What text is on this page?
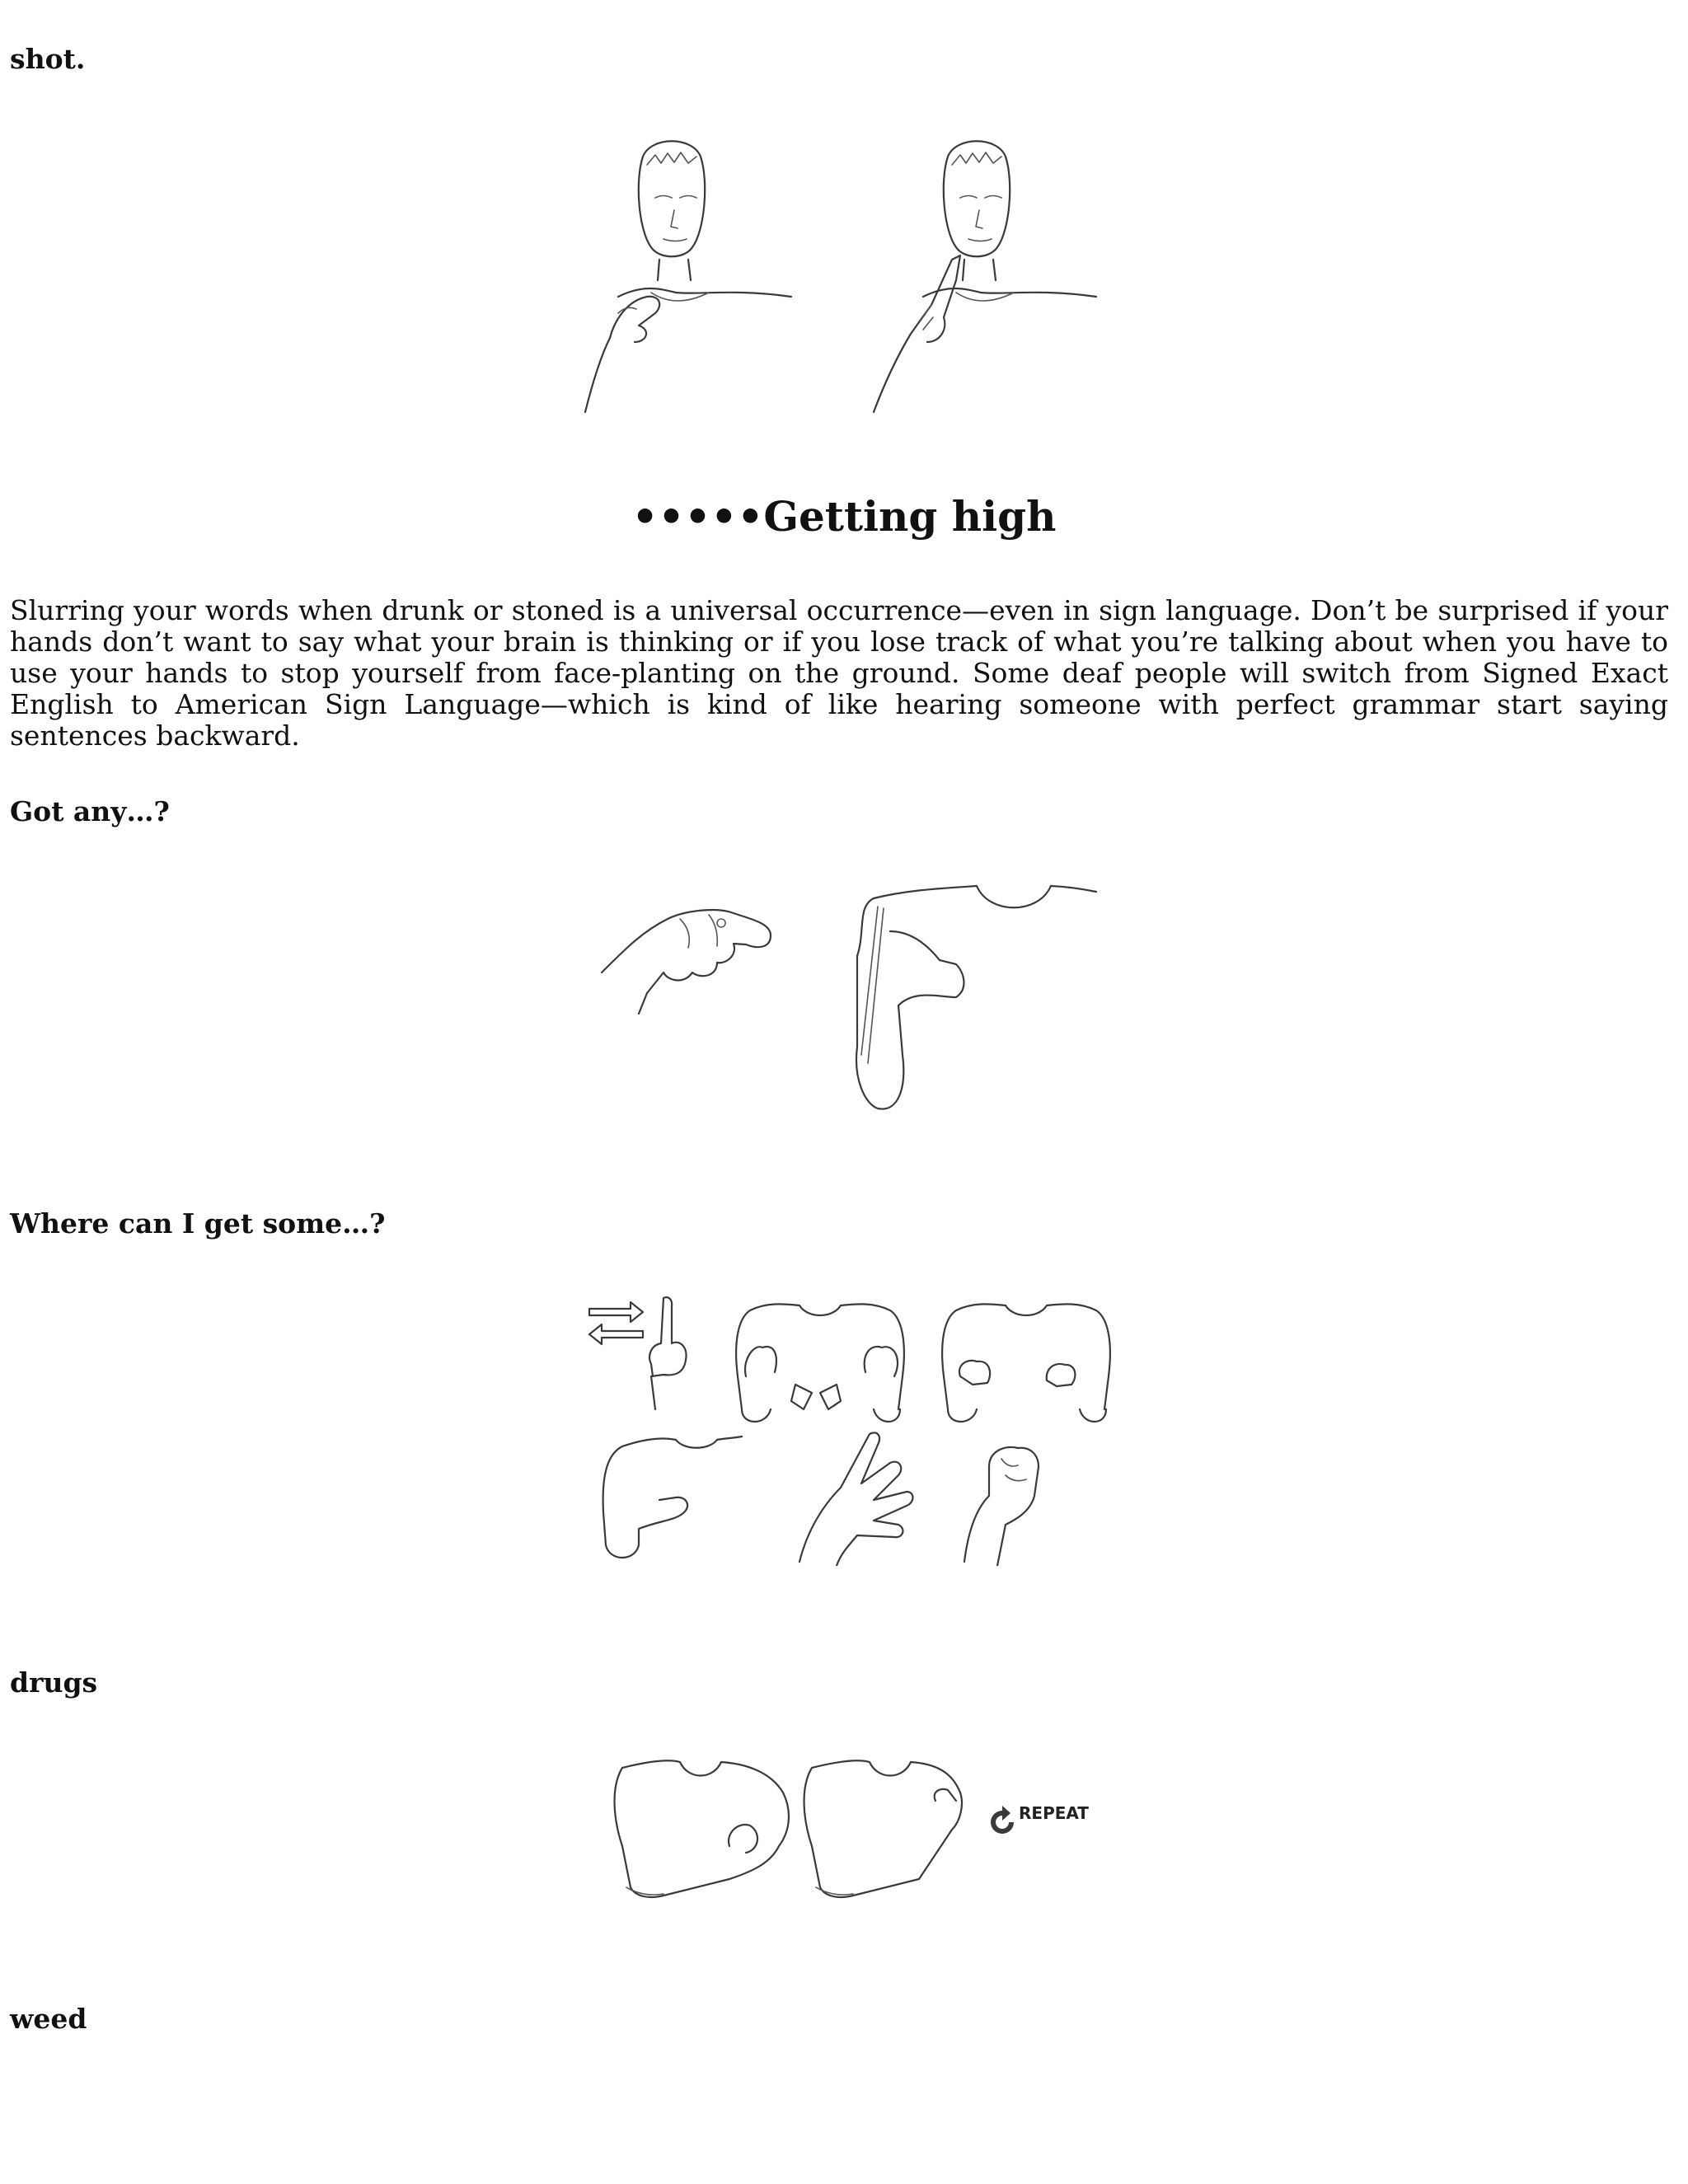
shot.

•••••Getting high

Slurring your words when drunk or stoned is a universal occurrence—even in sign language. Don’t be surprised if your hands don’t want to say what your brain is thinking or if you lose track of what you’re talking about when you have to use your hands to stop yourself from face-planting on the ground. Some deaf people will switch from Signed Exact English to American Sign Language—which is kind of like hearing someone with perfect grammar start saying sentences backward.

Got any…?

Where can I get some…?

drugs

REPEAT

weed
